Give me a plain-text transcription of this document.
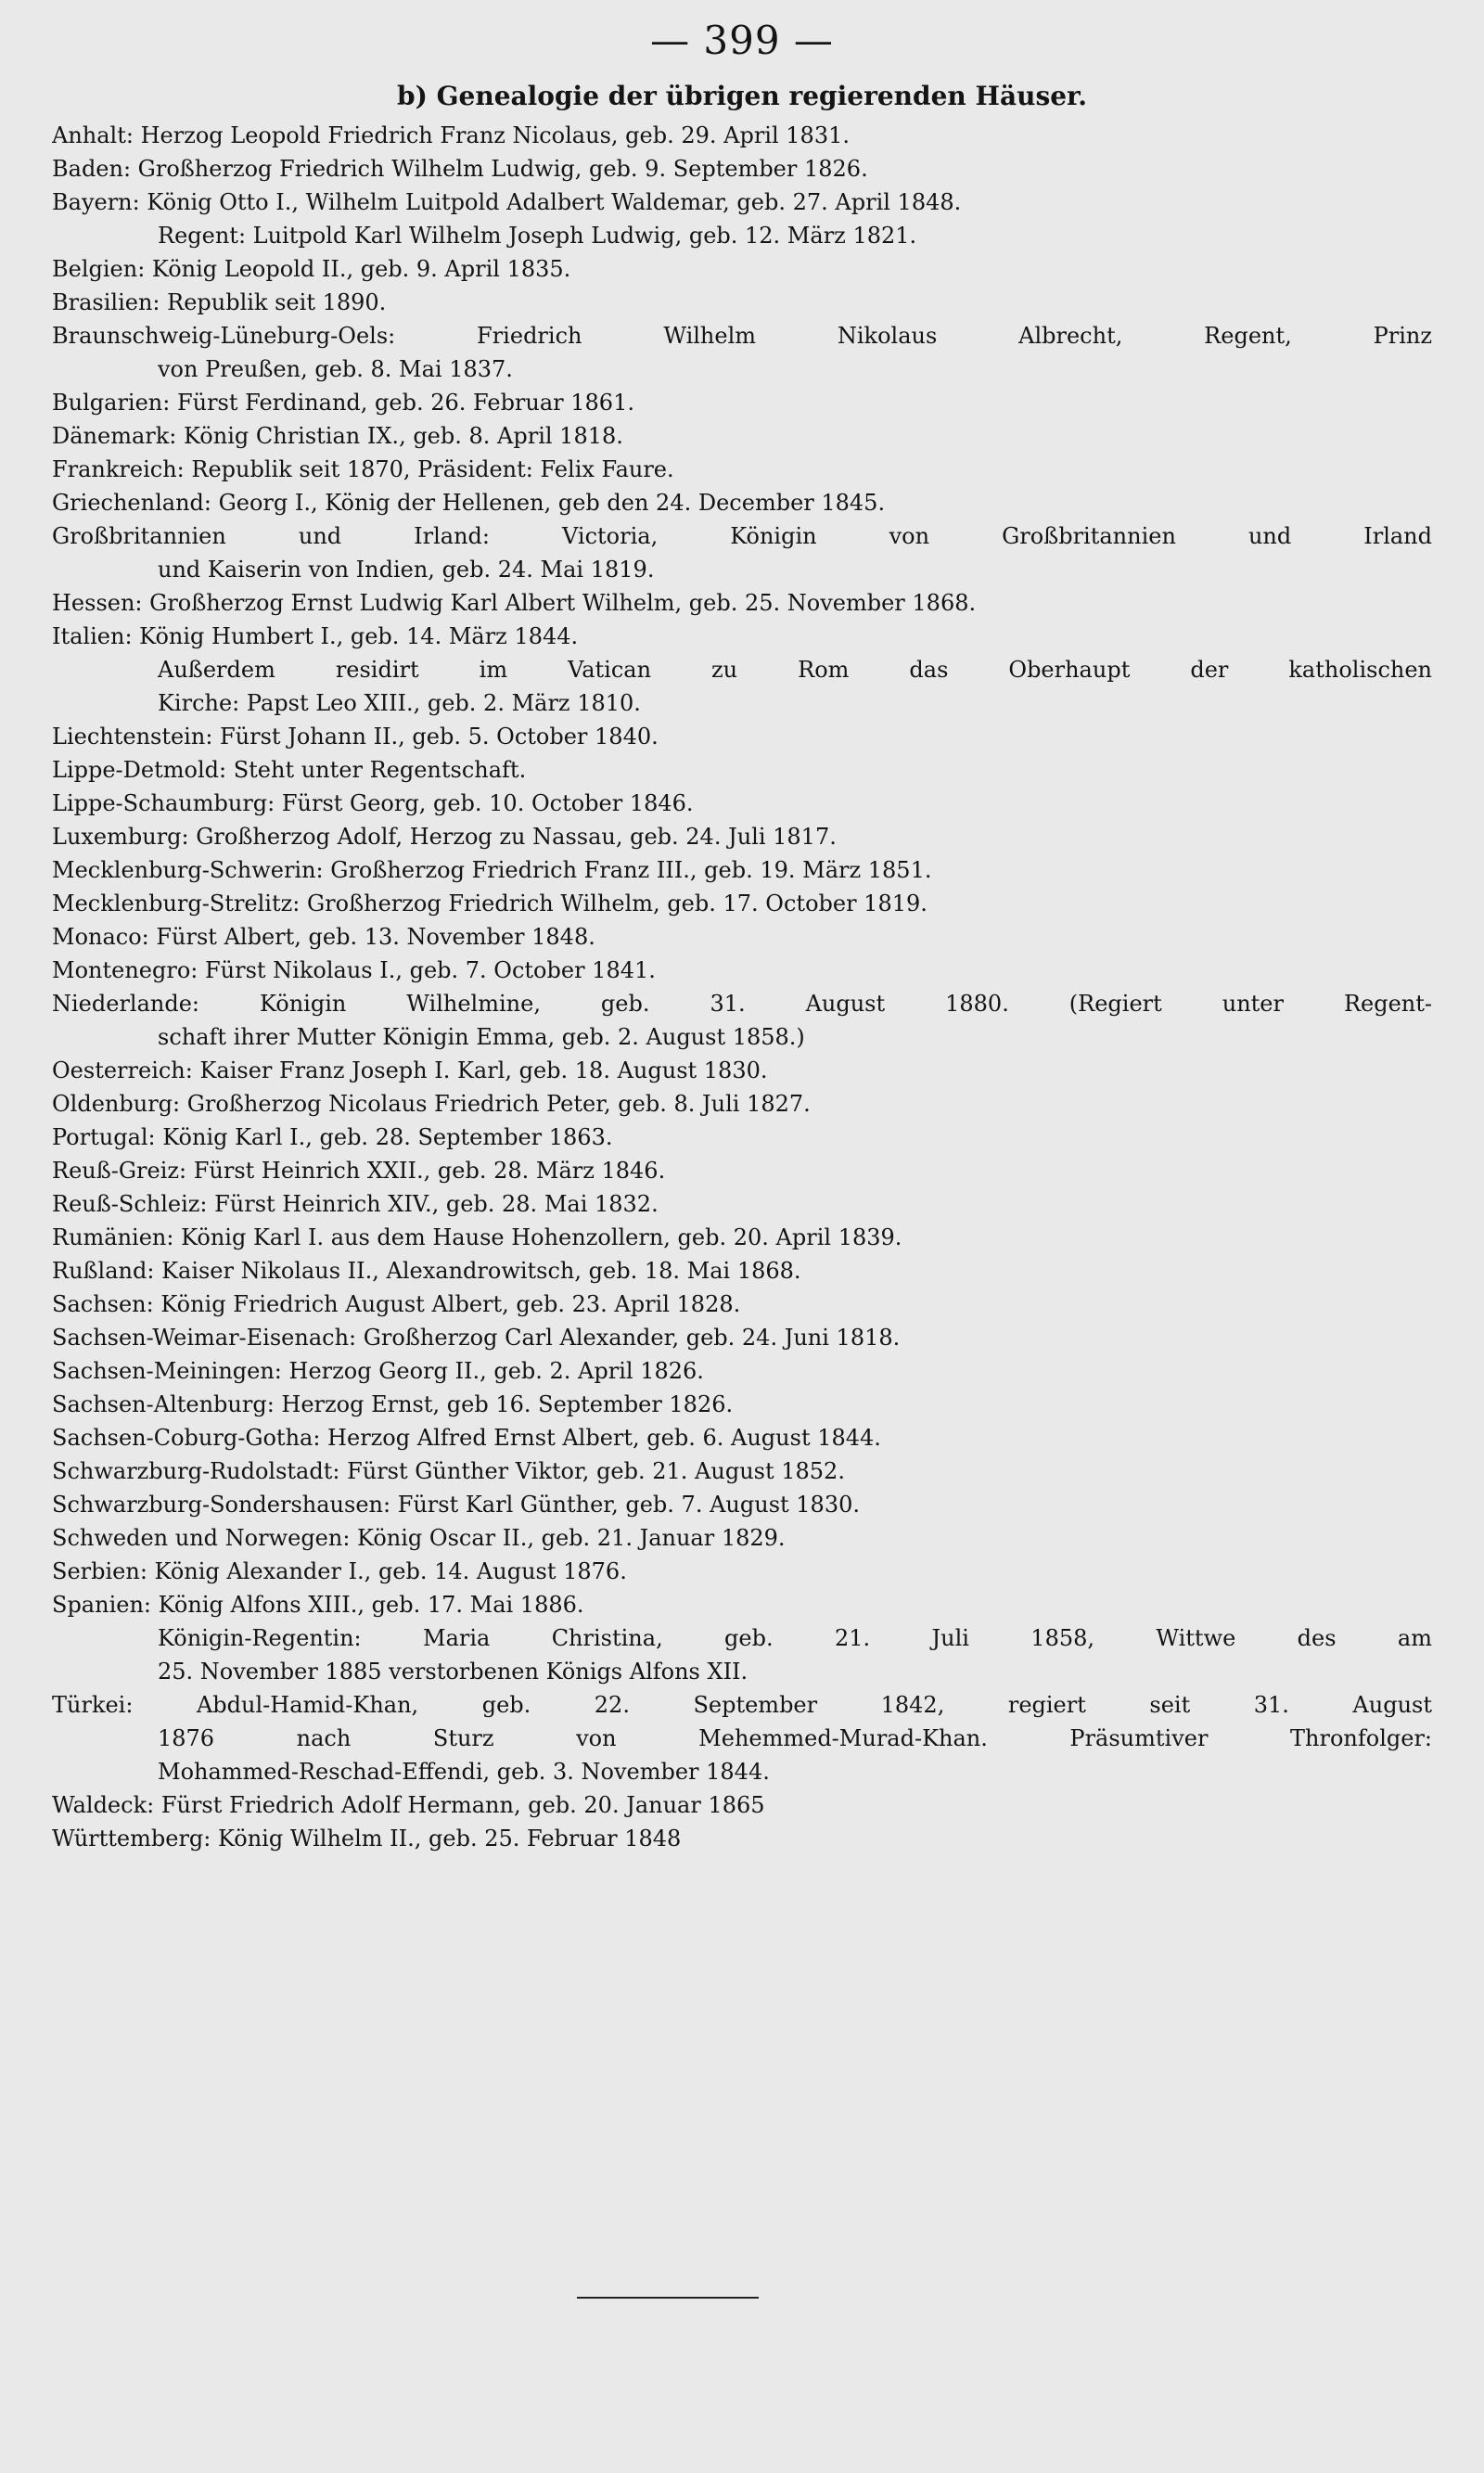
— 399 —
b) Genealogie der übrigen regierenden Häuser.
Anhalt: Herzog Leopold Friedrich Franz Nicolaus, geb. 29. April 1831.
Baden: Großherzog Friedrich Wilhelm Ludwig, geb. 9. September 1826.
Bayern: König Otto I., Wilhelm Luitpold Adalbert Waldemar, geb. 27. April 1848.
Regent: Luitpold Karl Wilhelm Joseph Ludwig, geb. 12. März 1821.
Belgien: König Leopold II., geb. 9. April 1835.
Brasilien: Republik seit 1890.
Braunschweig-Lüneburg-Oels: Friedrich Wilhelm Nikolaus Albrecht, Regent, Prinz
von Preußen, geb. 8. Mai 1837.
Bulgarien: Fürst Ferdinand, geb. 26. Februar 1861.
Dänemark: König Christian IX., geb. 8. April 1818.
Frankreich: Republik seit 1870, Präsident: Felix Faure.
Griechenland: Georg I., König der Hellenen, geb den 24. December 1845.
Großbritannien und Irland: Victoria, Königin von Großbritannien und Irland
und Kaiserin von Indien, geb. 24. Mai 1819.
Hessen: Großherzog Ernst Ludwig Karl Albert Wilhelm, geb. 25. November 1868.
Italien: König Humbert I., geb. 14. März 1844.
Außerdem residirt im Vatican zu Rom das Oberhaupt der katholischen
Kirche: Papst Leo XIII., geb. 2. März 1810.
Liechtenstein: Fürst Johann II., geb. 5. October 1840.
Lippe-Detmold: Steht unter Regentschaft.
Lippe-Schaumburg: Fürst Georg, geb. 10. October 1846.
Luxemburg: Großherzog Adolf, Herzog zu Nassau, geb. 24. Juli 1817.
Mecklenburg-Schwerin: Großherzog Friedrich Franz III., geb. 19. März 1851.
Mecklenburg-Strelitz: Großherzog Friedrich Wilhelm, geb. 17. October 1819.
Monaco: Fürst Albert, geb. 13. November 1848.
Montenegro: Fürst Nikolaus I., geb. 7. October 1841.
Niederlande: Königin Wilhelmine, geb. 31. August 1880. (Regiert unter Regent-
schaft ihrer Mutter Königin Emma, geb. 2. August 1858.)
Oesterreich: Kaiser Franz Joseph I. Karl, geb. 18. August 1830.
Oldenburg: Großherzog Nicolaus Friedrich Peter, geb. 8. Juli 1827.
Portugal: König Karl I., geb. 28. September 1863.
Reuß-Greiz: Fürst Heinrich XXII., geb. 28. März 1846.
Reuß-Schleiz: Fürst Heinrich XIV., geb. 28. Mai 1832.
Rumänien: König Karl I. aus dem Hause Hohenzollern, geb. 20. April 1839.
Rußland: Kaiser Nikolaus II., Alexandrowitsch, geb. 18. Mai 1868.
Sachsen: König Friedrich August Albert, geb. 23. April 1828.
Sachsen-Weimar-Eisenach: Großherzog Carl Alexander, geb. 24. Juni 1818.
Sachsen-Meiningen: Herzog Georg II., geb. 2. April 1826.
Sachsen-Altenburg: Herzog Ernst, geb 16. September 1826.
Sachsen-Coburg-Gotha: Herzog Alfred Ernst Albert, geb. 6. August 1844.
Schwarzburg-Rudolstadt: Fürst Günther Viktor, geb. 21. August 1852.
Schwarzburg-Sondershausen: Fürst Karl Günther, geb. 7. August 1830.
Schweden und Norwegen: König Oscar II., geb. 21. Januar 1829.
Serbien: König Alexander I., geb. 14. August 1876.
Spanien: König Alfons XIII., geb. 17. Mai 1886.
Königin-Regentin: Maria Christina, geb. 21. Juli 1858, Wittwe des am
25. November 1885 verstorbenen Königs Alfons XII.
Türkei: Abdul-Hamid-Khan, geb. 22. September 1842, regiert seit 31. August
1876 nach Sturz von Mehemmed-Murad-Khan. Präsumtiver Thronfolger:
Mohammed-Reschad-Effendi, geb. 3. November 1844.
Waldeck: Fürst Friedrich Adolf Hermann, geb. 20. Januar 1865
Württemberg: König Wilhelm II., geb. 25. Februar 1848
